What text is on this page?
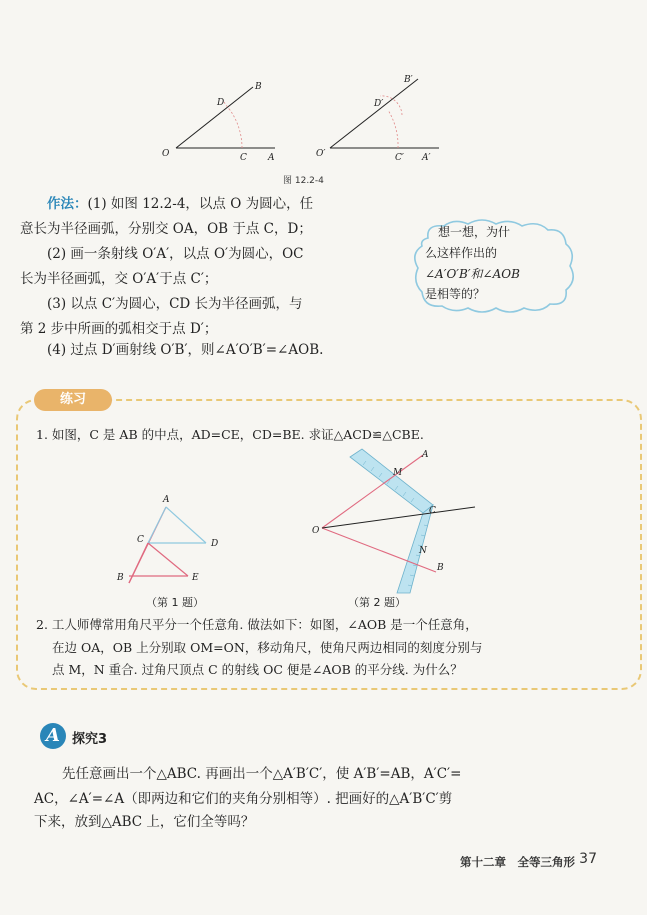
B
D
O	C A
B′
D′
O′	C′ A′
图 12.2-4
作法：(1) 如图 12.2-4，以点 O 为圆心，任
意长为半径画弧，分别交 OA，OB 于点 C，D；
(2) 画一条射线 O′A′，以点 O′为圆心，OC
长为半径画弧，交 O′A′于点 C′；
(3) 以点 C′为圆心，CD 长为半径画弧，与
第 2 步中所画的弧相交于点 D′；
(4) 过点 D′画射线 O′B′，则∠A′O′B′=∠AOB.
想一想，为什
么这样作出的
∠A′O′B′和∠AOB
是相等的？
练习
1. 如图，C 是 AB 的中点，AD=CE，CD=BE. 求证△ACD≌△CBE.
A
C	D
B	E
（第 1 题）
A
M
C
O
N
B
（第 2 题）
2. 工人师傅常用角尺平分一个任意角. 做法如下：如图，∠AOB 是一个任意角，
在边 OA，OB 上分别取 OM=ON，移动角尺，使角尺两边相同的刻度分别与
点 M，N 重合. 过角尺顶点 C 的射线 OC 便是∠AOB 的平分线. 为什么？
A 探究3
先任意画出一个△ABC. 再画出一个△A′B′C′，使 A′B′=AB，A′C′=
AC，∠A′=∠A（即两边和它们的夹角分别相等）. 把画好的△A′B′C′剪
下来，放到△ABC 上，它们全等吗？
第十二章　全等三角形 37
